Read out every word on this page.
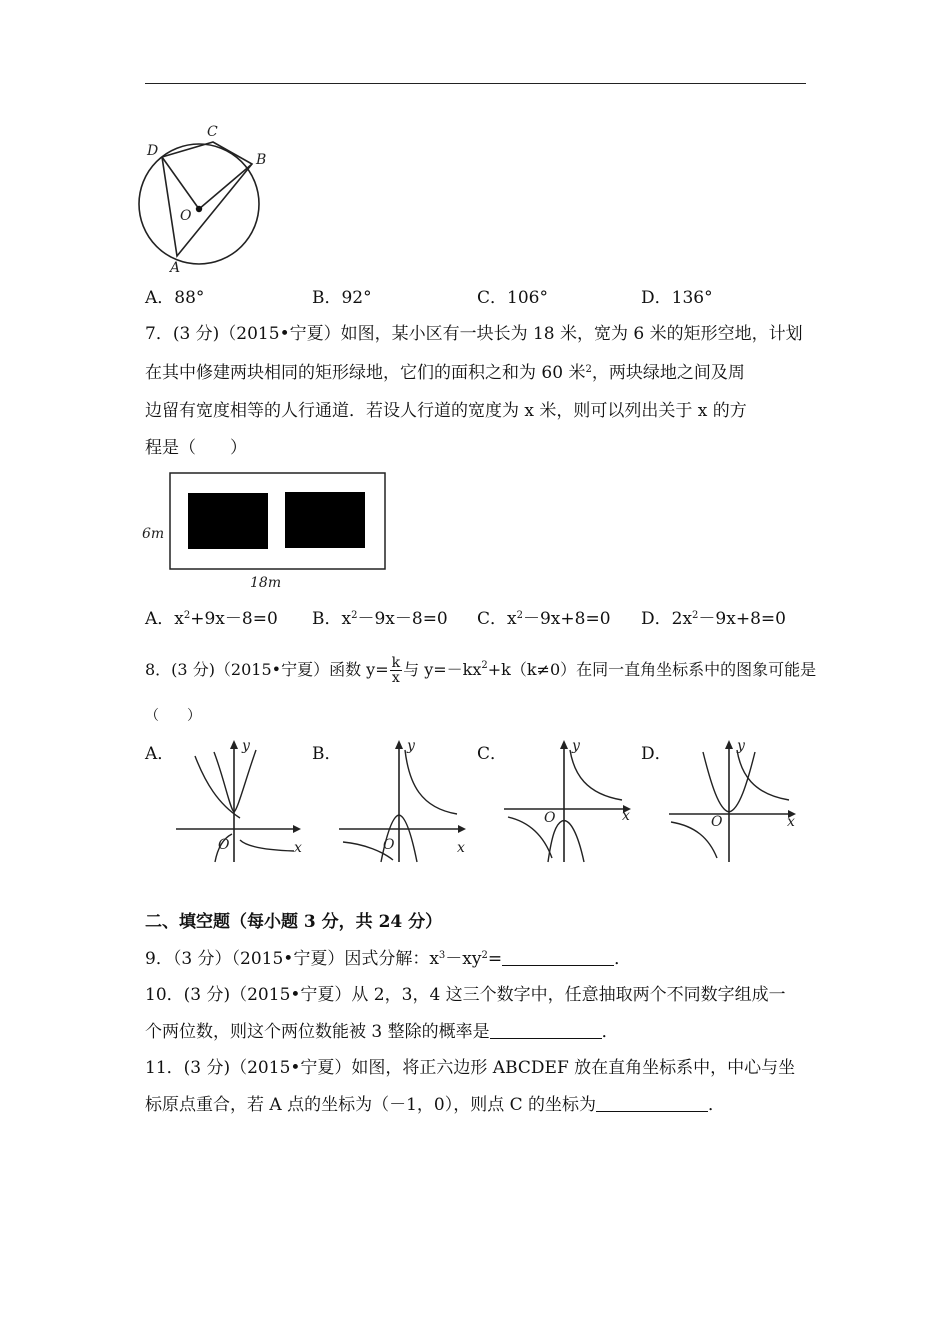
D
C
B
O
A
A．88°	B．92°	C．106°	D．136°
7．(3 分)（2015•宁夏）如图，某小区有一块长为 18 米，宽为 6 米的矩形空地，计划
在其中修建两块相同的矩形绿地，它们的面积之和为 60 米$^2$，两块绿地之间及周
边留有宽度相等的人行通道．若设人行道的宽度为 x 米，则可以列出关于 x 的方
程是（　　）
6m
18m
A．$x^2+9x-8=0$ B．$x^2-9x-8=0$ C．$x^2-9x+8=0$ D．$2x^2-9x+8=0$
8．(3 分)（2015•宁夏）函数 $y= \frac{k}{x}$ 与 $y=-kx^2+k(k\ne 0)$在同一直角坐标系中的图象可能是
（　　）
A．	B．	C．	D．
y
x
O
y
x
O
y
x
O
y
x
O
二、填空题（每小题 3 分，共 24 分）
9．（3 分）（2015•宁夏）因式分解：$x^3-xy^2=$	．
10．(3 分)（2015•宁夏）从 2，3，4 这三个数字中，任意抽取两个不同数字组成一
个两位数，则这个两位数能被 3 整除的概率是	．
11．(3 分)（2015•宁夏）如图，将正六边形 ABCDEF 放在直角坐标系中，中心与坐
标原点重合，若 A 点的坐标为（－1，0），则点 C 的坐标为	．
